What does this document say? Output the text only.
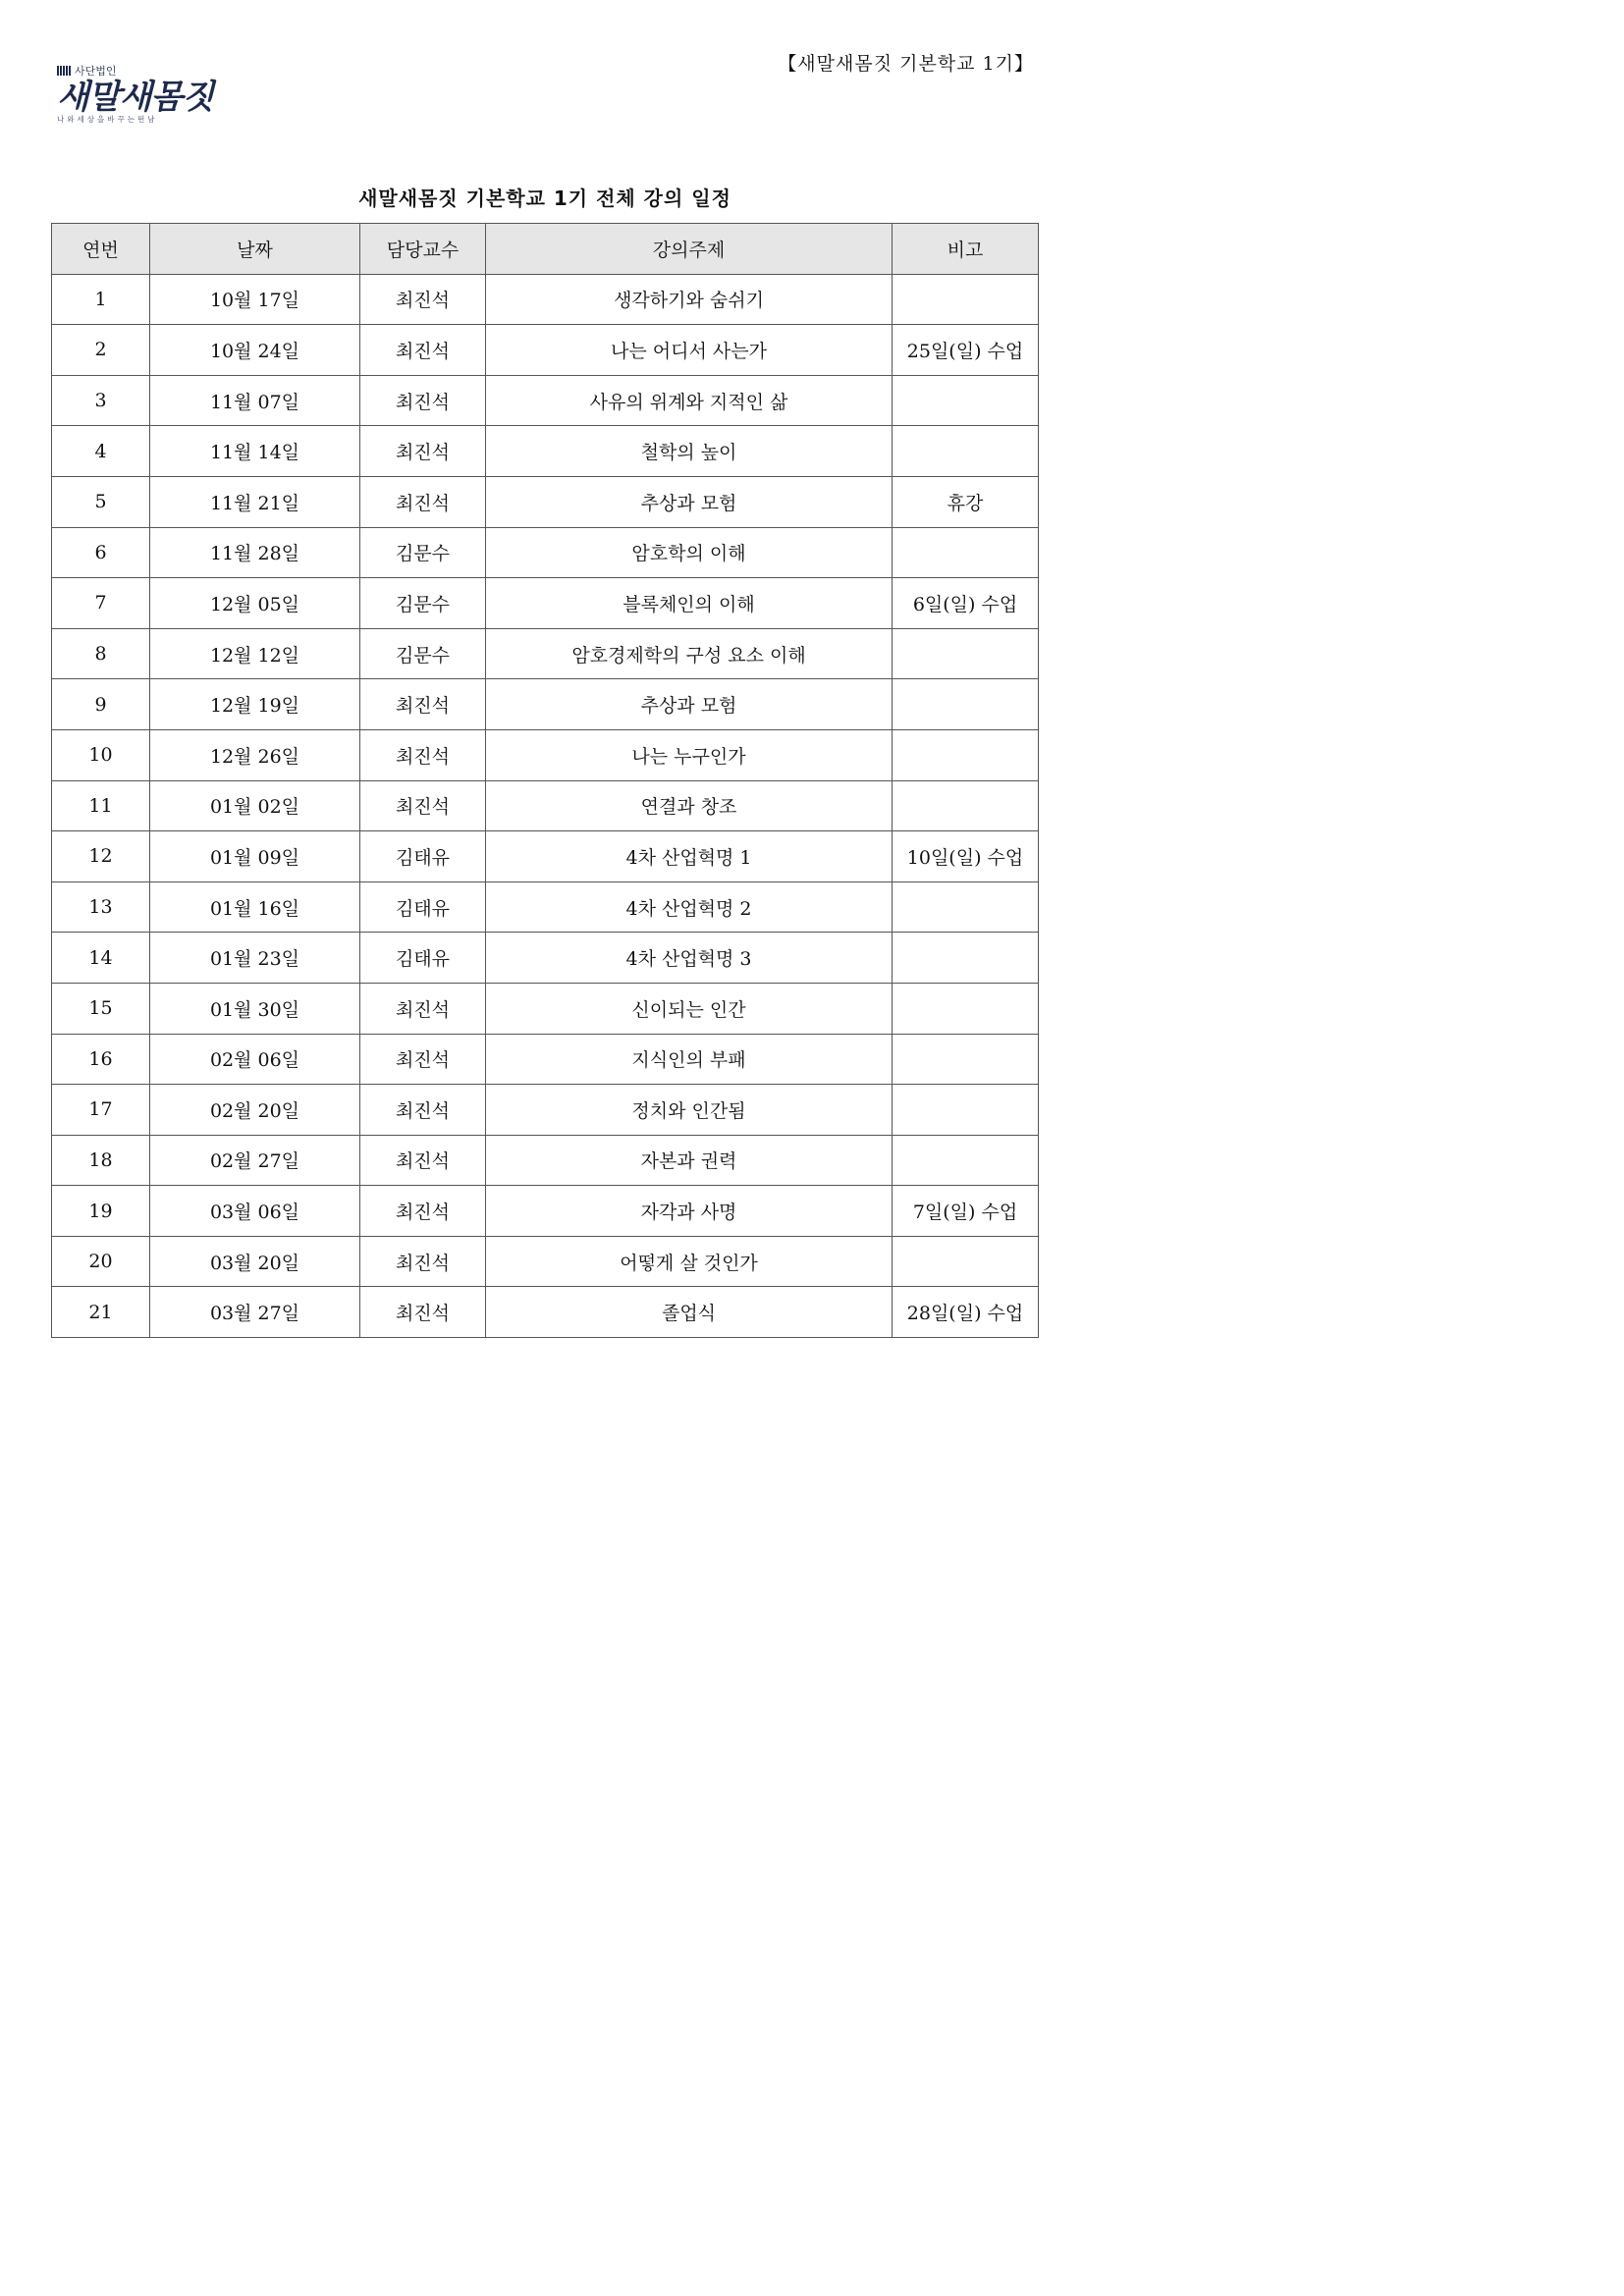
【새말새몸짓 기본학교 1기】
사단법인
새말새몸짓
나와세상을바꾸는떤남
새말새몸짓 기본학교 1기 전체 강의 일정
연번	날짜	담당교수	강의주제	비고
1	10월 17일	최진석	생각하기와 숨쉬기	
2	10월 24일	최진석	나는 어디서 사는가	25일(일) 수업
3	11월 07일	최진석	사유의 위계와 지적인 삶	
4	11월 14일	최진석	철학의 높이	
5	11월 21일	최진석	추상과 모험	휴강
6	11월 28일	김문수	암호학의 이해	
7	12월 05일	김문수	블록체인의 이해	6일(일) 수업
8	12월 12일	김문수	암호경제학의 구성 요소 이해	
9	12월 19일	최진석	추상과 모험	
10	12월 26일	최진석	나는 누구인가	
11	01월 02일	최진석	연결과 창조	
12	01월 09일	김태유	4차 산업혁명 1	10일(일) 수업
13	01월 16일	김태유	4차 산업혁명 2	
14	01월 23일	김태유	4차 산업혁명 3	
15	01월 30일	최진석	신이되는 인간	
16	02월 06일	최진석	지식인의 부패	
17	02월 20일	최진석	정치와 인간됨	
18	02월 27일	최진석	자본과 권력	
19	03월 06일	최진석	자각과 사명	7일(일) 수업
20	03월 20일	최진석	어떻게 살 것인가	
21	03월 27일	최진석	졸업식	28일(일) 수업
